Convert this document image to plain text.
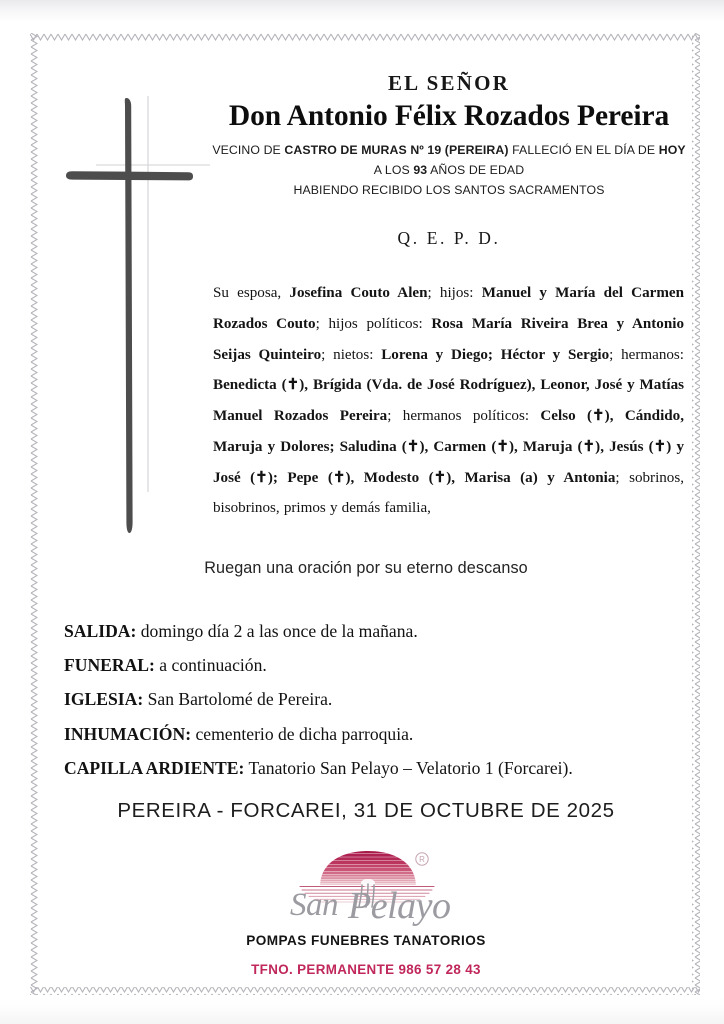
EL SEÑOR
Don Antonio Félix Rozados Pereira
VECINO DE CASTRO DE MURAS Nº 19 (PEREIRA) FALLECIÓ EN EL DÍA DE HOY
A LOS 93 AÑOS DE EDAD
HABIENDO RECIBIDO LOS SANTOS SACRAMENTOS
Q. E. P. D.
Su esposa, Josefina Couto Alen; hijos: Manuel y María del Carmen Rozados Couto; hijos políticos: Rosa María Riveira Brea y Antonio Seijas Quinteiro; nietos: Lorena y Diego; Héctor y Sergio; hermanos: Benedicta (✝), Brígida (Vda. de José Rodríguez), Leonor, José y Matías Manuel Rozados Pereira; hermanos políticos: Celso (✝), Cándido, Maruja y Dolores; Saludina (✝), Carmen (✝), Maruja (✝), Jesús (✝) y José (✝); Pepe (✝), Modesto (✝), Marisa (a) y Antonia; sobrinos, bisobrinos, primos y demás familia,
Ruegan una oración por su eterno descanso
SALIDA: domingo día 2 a las once de la mañana.
FUNERAL: a continuación.
IGLESIA: San Bartolomé de Pereira.
INHUMACIÓN: cementerio de dicha parroquia.
CAPILLA ARDIENTE: Tanatorio San Pelayo – Velatorio 1 (Forcarei).
PEREIRA - FORCAREI, 31 DE OCTUBRE DE 2025
San Pelayo
R
POMPAS FUNEBRES TANATORIOS
TFNO. PERMANENTE 986 57 28 43
